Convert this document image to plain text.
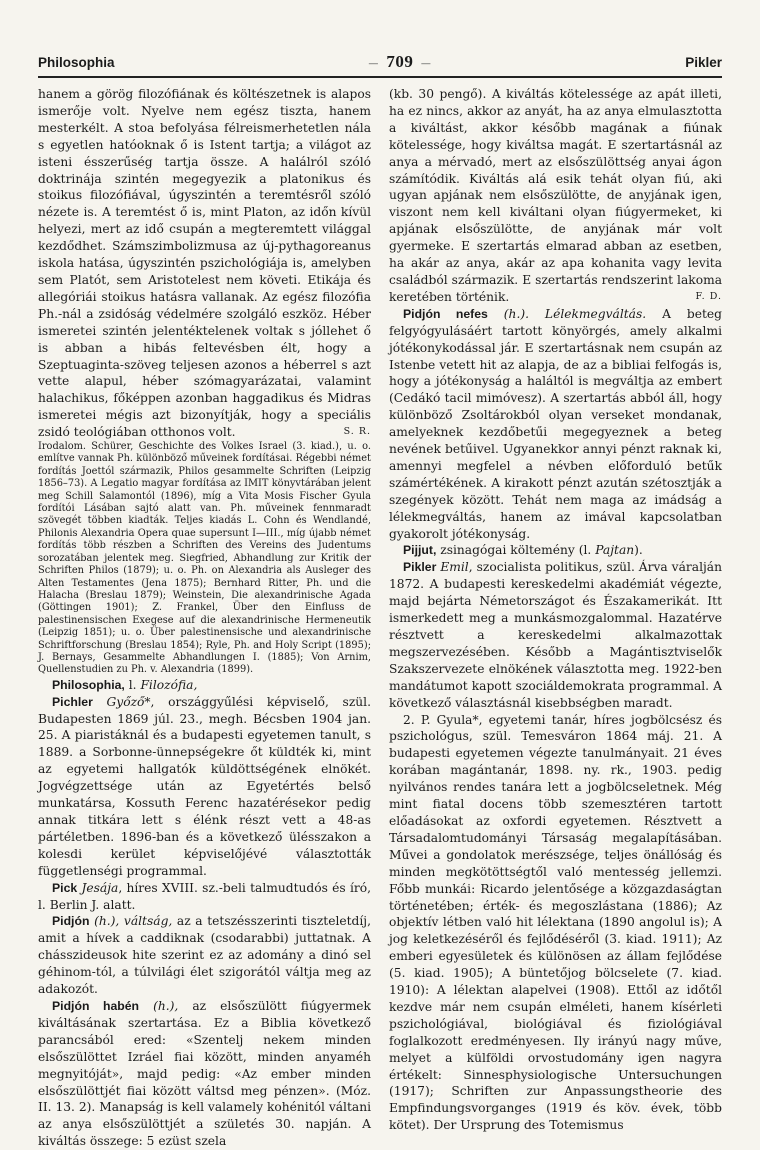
Philosophia
—	709 —	Pikler

hanem a görög filozófiának és költészetnek is alapos ismerője volt. Nyelve nem egész tiszta, hanem mesterkélt. A stoa befolyása félreismerhetetlen nála s egyetlen hatóoknak ő is Istent tartja; a világot az isteni ésszerűség tartja össze. A halálról szóló doktrinája szintén megegyezik a platonikus és stoikus filozófiával, úgyszintén a teremtésről szóló nézete is. A teremtést ő is, mint Platon, az időn kívül helyezi, mert az idő csupán a megteremtett világgal kezdődhet. Számszimbolizmusa az új-pythagoreanus iskola hatása, úgyszintén pszichológiája is, amelyben sem Platót, sem Aristotelest nem követi. Etikája és allegóriái stoikus hatásra vallanak. Az egész filozófia Ph.-nál a zsidóság védelmére szolgáló eszköz. Héber ismeretei szintén jelentéktelenek voltak s jóllehet ő is abban a hibás feltevésben élt, hogy a Szeptuaginta-szöveg teljesen azonos a héberrel s azt vette alapul, héber szómagyarázatai, valamint halachikus, főképpen azonban haggadikus és Midras ismeretei mégis azt bizonyítják, hogy a speciális zsidó teológiában otthonos volt.	S. R.

Irodalom. Schürer, Geschichte des Volkes Israel (3. kiad.), u. o. említve vannak Ph. különböző műveinek fordításai. Régebbi német fordítás Joettól származik, Philos gesammelte Schriften (Leipzig 1856–73). A Legatio magyar fordítása az IMIT könyvtárában jelent meg Schill Salamontól (1896), míg a Vita Mosis Fischer Gyula fordítói Lásában sajtó alatt van. Ph. műveinek fennmaradt szövegét többen kiadták. Teljes kiadás L. Cohn és Wendlandé, Philonis Alexandria Opera quae supersunt I—III., míg újabb német fordítás több részben a Schriften des Vereins des Judentums sorozatában jelentek meg. Siegfried, Abhandlung zur Kritik der Schriften Philos (1879); u. o. Ph. on Alexandria als Ausleger des Alten Testamentes (Jena 1875); Bernhard Ritter, Ph. und die Halacha (Breslau 1879); Weinstein, Die alexandrinische Agada (Göttingen 1901); Z. Frankel, Über den Einfluss de palestinensischen Exegese auf die alexandrinische Hermeneutik (Leipzig 1851); u. o. Über palestinensische und alexandrinische Schriftforschung (Breslau 1854); Ryle, Ph. and Holy Script (1895); J. Bernays, Gesammelte Abhandlungen I. (1885); Von Arnim, Quellenstudien zu Ph. v. Alexandria (1899).

Philosophia, l. Filozófia,

Pichler Győző*, országgyűlési képviselő, szül. Budapesten 1869 júl. 23., megh. Bécsben 1904 jan. 25. A piaristáknál és a budapesti egyetemen tanult, s 1889. a Sorbonne-ünnepségekre őt küldték ki, mint az egyetemi hallgatók küldöttségének elnökét. Jogvégzettsége után az Egyetértés belső munkatársa, Kossuth Ferenc hazatérésekor pedig annak titkára lett s élénk részt vett a 48-as pártéletben. 1896-ban és a következő ülésszakon a kolesdi kerület képviselőjévé választották függetlenségi programmal.

Pick Jesája, híres XVIII. sz.-beli talmudtudós és író, l. Berlin J. alatt.

Pidjón (h.), váltság, az a tetszésszerinti tiszteletdíj, amit a hívek a caddiknak (csodarabbi) juttatnak. A chásszideusok hite szerint ez az adomány a dinó sel géhinom-tól, a túlvilági élet szigorától váltja meg az adakozót.

Pidjón habén (h.), az elsőszülött fiúgyermek kiváltásának szertartása. Ez a Biblia következő parancsából ered: «Szentelj nekem minden elsőszülöttet Izráel fiai között, minden anyaméh megnyitóját», majd pedig: «Az ember minden elsőszülöttjét fiai között váltsd meg pénzen». (Móz. II. 13. 2). Manapság is kell valamely kohénitól váltani az anya elsőszülöttjét a születés 30. napján. A kiváltás összege: 5 ezüst szela

(kb. 30 pengő). A kiváltás kötelessége az apát illeti, ha ez nincs, akkor az anyát, ha az anya elmulasztotta a kiváltást, akkor később magának a fiúnak kötelessége, hogy kiváltsa magát. E szertartásnál az anya a mérvadó, mert az elsőszülöttség anyai ágon számítódik. Kiváltás alá esik tehát olyan fiú, aki ugyan apjának nem elsőszülötte, de anyjának igen, viszont nem kell kiváltani olyan fiúgyermeket, ki apjának elsőszülötte, de anyjának már volt gyermeke. E szertartás elmarad abban az esetben, ha akár az anya, akár az apa kohanita vagy levita családból származik. E szertartás rendszerint lakoma keretében történik.	F. D.

Pidjón nefes (h.). Lélekmegváltás. A beteg felgyógyulásáért tartott könyörgés, amely alkalmi jótékonykodással jár. E szertartásnak nem csupán az Istenbe vetett hit az alapja, de az a bibliai felfogás is, hogy a jótékonyság a haláltól is megváltja az embert (Cedákó tacil mimóvesz). A szertartás abból áll, hogy különböző Zsoltárokból olyan verseket mondanak, amelyeknek kezdőbetűi megegyeznek a beteg nevének betűivel. Ugyanekkor annyi pénzt raknak ki, amennyi megfelel a névben előforduló betűk számértékének. A kirakott pénzt azután szétosztják a szegények között. Tehát nem maga az imádság a lélekmegváltás, hanem az imával kapcsolatban gyakorolt jótékonyság.

Pijjut, zsinagógai költemény (l. Pajtan).

Pikler Emil, szocialista politikus, szül. Árva váralján 1872. A budapesti kereskedelmi akadémiát végezte, majd bejárta Németországot és Északamerikát. Itt ismerkedett meg a munkásmozgalommal. Hazatérve résztvett a kereskedelmi alkalmazottak megszervezésében. Később a Magántisztviselők Szakszervezete elnökének választotta meg. 1922-ben mandátumot kapott szociáldemokrata programmal. A következő választásnál kisebbségben maradt.

2. P. Gyula*, egyetemi tanár, híres jogbölcsész és pszichológus, szül. Temesváron 1864 máj. 21. A budapesti egyetemen végezte tanulmányait. 21 éves korában magántanár, 1898. ny. rk., 1903. pedig nyilvános rendes tanára lett a jogbölcseletnek. Még mint fiatal docens több szemesztéren tartott előadásokat az oxfordi egyetemen. Résztvett a Társadalomtudományi Társaság megalapításában. Művei a gondolatok merészsége, teljes önállóság és minden megkötöttségtől való mentesség jellemzi. Főbb munkái: Ricardo jelentősége a közgazdaságtan történetében; érték- és megoszlástana (1886); Az objektív létben való hit lélektana (1890 angolul is); A jog keletkezéséről és fejlődéséről (3. kiad. 1911); Az emberi egyesületek és különösen az állam fejlődése (5. kiad. 1905); A büntetőjog bölcselete (7. kiad. 1910): A lélektan alapelvei (1908). Ettől az időtől kezdve már nem csupán elméleti, hanem kísérleti pszichológiával, biológiával és fiziológiával foglalkozott eredményesen. Ily irányú nagy műve, melyet a külföldi orvostudomány igen nagyra értékelt: Sinnesphysiologische Untersuchungen (1917); Schriften zur Anpassungstheorie des Empfindungsvorganges (1919 és köv. évek, több kötet). Der Ursprung des Totemismus
